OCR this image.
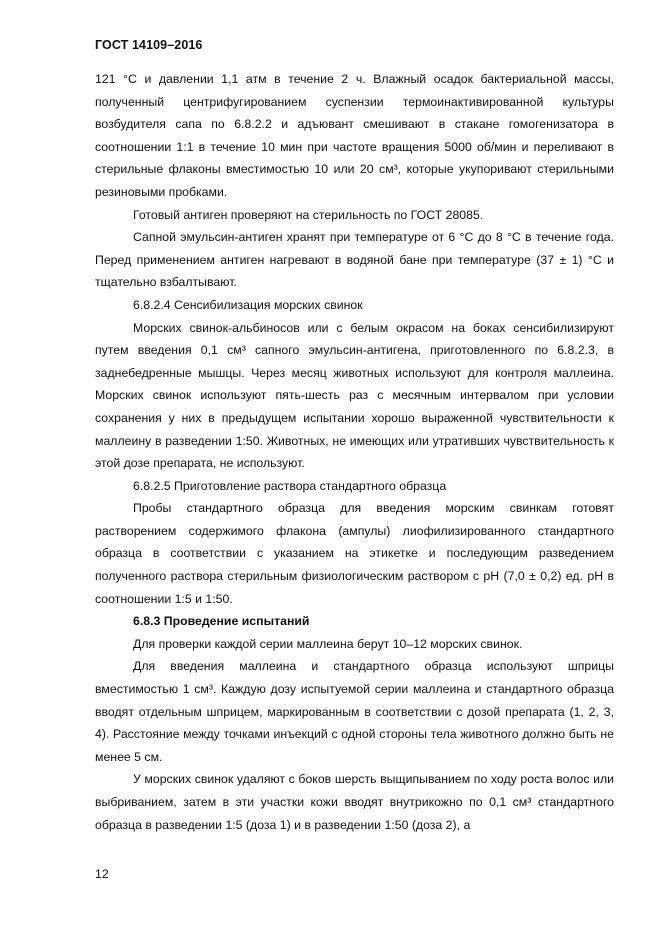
ГОСТ 14109–2016

121 °С и давлении 1,1 атм в течение 2 ч. Влажный осадок бактериальной массы, полученный центрифугированием суспензии термоинактивированной культуры возбудителя сапа по 6.8.2.2 и адъювант смешивают в стакане гомогенизатора в соотношении 1:1 в течение 10 мин при частоте вращения 5000 об/мин и переливают в стерильные флаконы вместимостью 10 или 20 см³, которые укупоривают стерильными резиновыми пробками.

Готовый антиген проверяют на стерильность по ГОСТ 28085.

Сапной эмульсин-антиген хранят при температуре от 6 °С до 8 °С в течение года. Перед применением антиген нагревают в водяной бане при температуре (37 ± 1) °С и тщательно взбалтывают.

6.8.2.4 Сенсибилизация морских свинок

Морских свинок-альбиносов или с белым окрасом на боках сенсибилизируют путем введения 0,1 см³ сапного эмульсин-антигена, приготовленного по 6.8.2.3, в заднебедренные мышцы. Через месяц животных используют для контроля маллеина. Морских свинок используют пять-шесть раз с месячным интервалом при условии сохранения у них в предыдущем испытании хорошо выраженной чувствительности к маллеину в разведении 1:50. Животных, не имеющих или утративших чувствительность к этой дозе препарата, не используют.

6.8.2.5 Приготовление раствора стандартного образца

Пробы стандартного образца для введения морским свинкам готовят растворением содержимого флакона (ампулы) лиофилизированного стандартного образца в соответствии с указанием на этикетке и последующим разведением полученного раствора стерильным физиологическим раствором с рН (7,0 ± 0,2) ед. рН в соотношении 1:5 и 1:50.

6.8.3 Проведение испытаний

Для проверки каждой серии маллеина берут 10–12 морских свинок.

Для введения маллеина и стандартного образца используют шприцы вместимостью 1 см³. Каждую дозу испытуемой серии маллеина и стандартного образца вводят отдельным шприцем, маркированным в соответствии с дозой препарата (1, 2, 3, 4). Расстояние между точками инъекций с одной стороны тела животного должно быть не менее 5 см.

У морских свинок удаляют с боков шерсть выщипыванием по ходу роста волос или выбриванием, затем в эти участки кожи вводят внутрикожно по 0,1 см³ стандартного образца в разведении 1:5 (доза 1) и в разведении 1:50 (доза 2), а

12
